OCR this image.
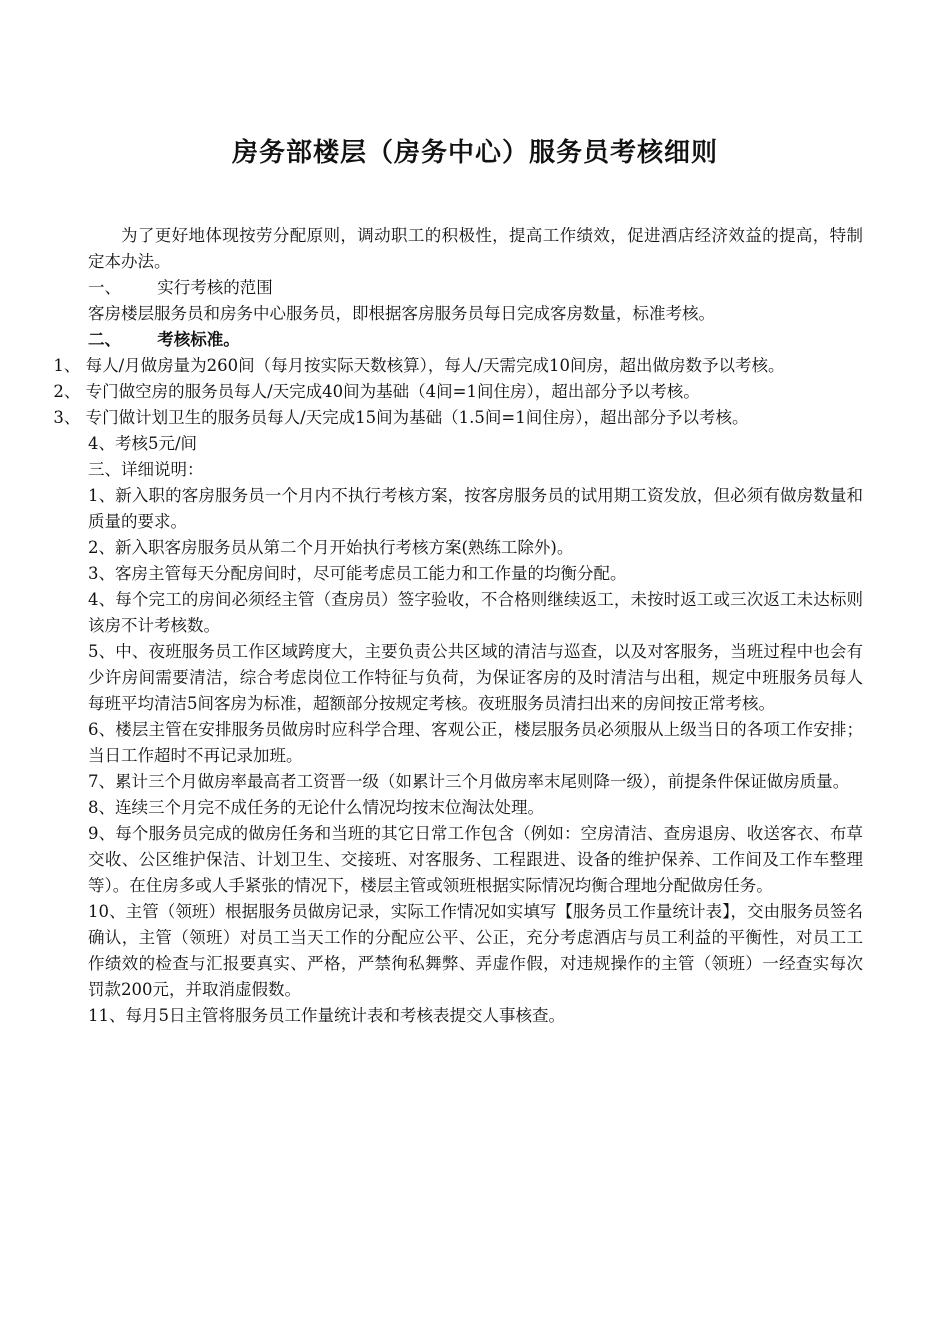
房务部楼层（房务中心）服务员考核细则

为了更好地体现按劳分配原则，调动职工的积极性，提高工作绩效，促进酒店经济效益的提高，特制定本办法。

一、 实行考核的范围

客房楼层服务员和房务中心服务员，即根据客房服务员每日完成客房数量，标准考核。

二、 考核标准。

1、 每人/月做房量为260间（每月按实际天数核算），每人/天需完成10间房，超出做房数予以考核。

2、 专门做空房的服务员每人/天完成40间为基础（4间=1间住房），超出部分予以考核。

3、 专门做计划卫生的服务员每人/天完成15间为基础（1.5间=1间住房），超出部分予以考核。

4、考核5元/间

三、详细说明：

1、新入职的客房服务员一个月内不执行考核方案，按客房服务员的试用期工资发放，但必须有做房数量和质量的要求。

2、新入职客房服务员从第二个月开始执行考核方案(熟练工除外)。

3、客房主管每天分配房间时，尽可能考虑员工能力和工作量的均衡分配。

4、每个完工的房间必须经主管（查房员）签字验收，不合格则继续返工，未按时返工或三次返工未达标则该房不计考核数。

5、中、夜班服务员工作区域跨度大，主要负责公共区域的清洁与巡查，以及对客服务，当班过程中也会有少许房间需要清洁，综合考虑岗位工作特征与负荷，为保证客房的及时清洁与出租，规定中班服务员每人每班平均清洁5间客房为标准，超额部分按规定考核。夜班服务员清扫出来的房间按正常考核。

6、楼层主管在安排服务员做房时应科学合理、客观公正，楼层服务员必须服从上级当日的各项工作安排；当日工作超时不再记录加班。

7、累计三个月做房率最高者工资晋一级（如累计三个月做房率末尾则降一级），前提条件保证做房质量。

8、连续三个月完不成任务的无论什么情况均按末位淘汰处理。

9、每个服务员完成的做房任务和当班的其它日常工作包含（例如：空房清洁、查房退房、收送客衣、布草交收、公区维护保洁、计划卫生、交接班、对客服务、工程跟进、设备的维护保养、工作间及工作车整理等）。在住房多或人手紧张的情况下，楼层主管或领班根据实际情况均衡合理地分配做房任务。

10、主管（领班）根据服务员做房记录，实际工作情况如实填写【服务员工作量统计表】，交由服务员签名确认，主管（领班）对员工当天工作的分配应公平、公正，充分考虑酒店与员工利益的平衡性，对员工工作绩效的检查与汇报要真实、严格，严禁徇私舞弊、弄虚作假，对违规操作的主管（领班）一经查实每次罚款200元，并取消虚假数。

11、每月5日主管将服务员工作量统计表和考核表提交人事核查。
